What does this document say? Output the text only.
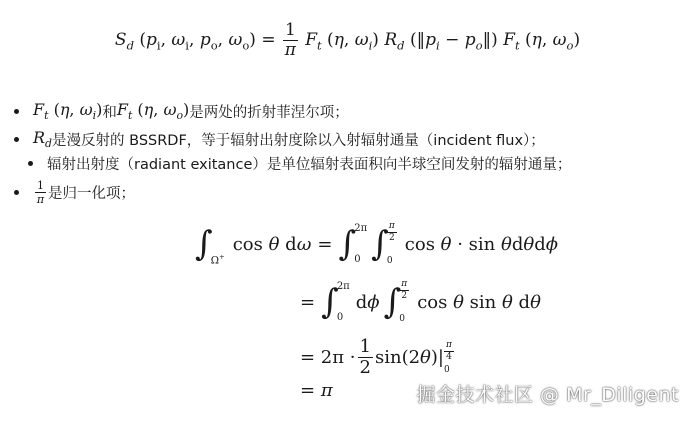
$S_d$ ($p_i$, $\omega_i$, $p_o$, $\omega_o) = \frac{1}{\pi} F_t$ (η, $\omega_i$) $R_d$ ($‖p_i$ − $p_o‖$) $F_t$ (η, $\omega_o$)
$F_t$ (η, $\omega_i$) 和 $F_t$ (η, $\omega_o$) 是两处的折射菲涅尔项；
$R_d$ 是漫反射的 BSSRDF，等于辐射出射度除以入射辐射通量（incident flux）；
辐射出射度（radiant exitance）是单位辐射表面积向半球空间发射的辐射通量；
$\frac{1}{\pi}$ 是归一化项；
∫
Ω+
cos θ dω = ∫
2π
0 ∫
$\frac{\pi}{2}$
0
cos θ · sin θdθdϕ
= ∫
2π
0
dϕ ∫
$\frac{\pi}{2}$
0
cos θ sin θ dθ
= $2\pi \cdot \frac{1}{2} \sin(2\theta)| \frac{\pi}{4}$
0
= π	掘金技术社区 @ Mr_Diligent
